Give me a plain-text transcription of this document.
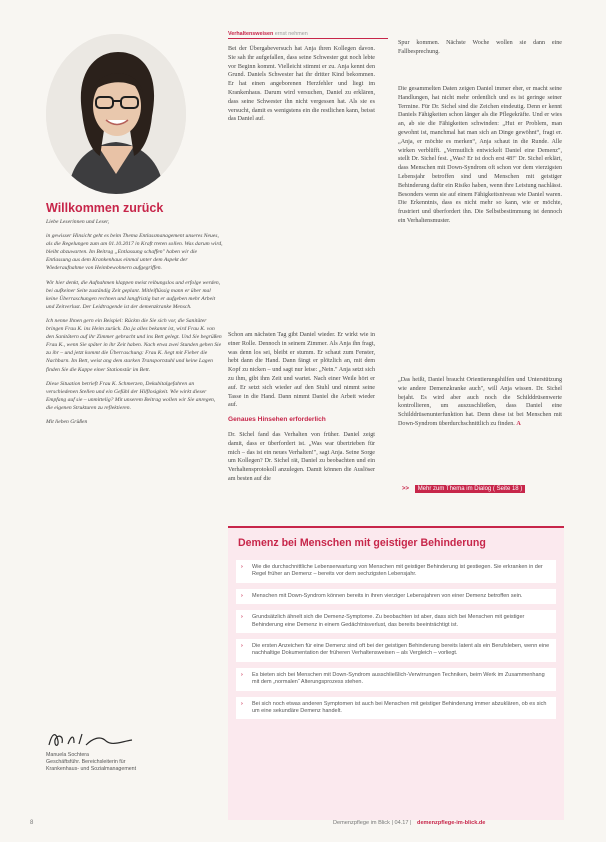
Willkommen zurück

Liebe Leserinnen und Leser,

in gewisser Hinsicht geht es beim Thema Entlassmanagement unseres Neues, als die Regelungen zum am 01.10.2017 in Kraft treten sollen. Was darum wird, bleibt abzuwarten. Im Beitrag „Entlassung schaffen" haben wir die Entlassung aus dem Krankenhaus einmal unter dem Aspekt der Wiederaufnahme von Heimbewohnern aufgegriffen.

Wir hier denkt, die Aufnahmen klappen meist reibungslos und erfolge werden, bei aufkeiner Seite zuständig Zeit geplant. Mitleiflüssig mann er über mal keine Überraschungen rechnen und langfristig hat er aufgeben mehr Arbeit und Zeitverlust. Der Leidtragende ist der demenzkranke Mensch.

Ich nenne Ihnen gern ein Beispiel: Rückm die Sie sich vor, die Sanitäter bringen Frau K. ins Heim zurück. Da ja alles bekannt ist, wird Frau K. von den Sanitätern auf ihr Zimmer gebracht und ins Bett gelegt. Und Sie begrüßen Frau K., wenn Sie später in ihr Zeit haben. Nach etwa zwei Stunden gehen Sie zu ihr – und jetzt kommt die Überraschung: Frau K. liegt mit Fieber die Nachbarn. Im Bett, weist ang dem starken Transportstuhl und keine Lagen finden Sie die Kappe einer Stationstür im Bett.

Diese Situation betrieft Frau K. Schmerzen, Dekubitalgefahren an verschiedenen Stellen und ein Gefühl der Hilflosigkeit. Wie wirkt dieser Empfang auf sie – unmittelig? Mit unserem Beitrag wollen wir Sie anregen, die eigenen Strukturen zu reflektieren.

Mit lieben Grüßen
Manuela Sochtera
Geschäftsführ. Bereichsleiterin für
Krankenhaus- und Sozialmanagement
Verhaltensweisen ernst nehmen

Bei der Übergabeversuch hat Anja ihren Kollegen davon. Sie sah ihr aufgefallen, dass seine Schwester gut noch lebte vor Beginn kommt. Vielleicht stimmt er zu. Anja kennt den Grund. Daniels Schwester hat ihr dritter Kind bekommen. Er hat einen angeborenen Herzfehler und liegt im Krankenhaus. Darum wird versuchen, Daniel zu erklären, dass seine Schwester ihn nicht vergessen hat. Als sie es versucht, damit es wenigstens ein die restlichen kann, beisst das Daniel auf.

Schon am nächsten Tag gibt Daniel wieder. Er wirkt wie in einer Rolle. Dennoch in seinem Zimmer. Als Anja ihn fragt, was denn los sei, bleibt er stumm. Er schaut zum Fenster, hebt dann die Hand. Dann fängt er plötzlich an, mit dem Kopf zu nicken – und sagt nur leise: „Nein." Anja setzt sich zu ihm, gibt ihm Zeit und wartet. Nach einer Weile hört er auf. Er setzt sich wieder auf den Stuhl und nimmt seine Tasse in die Hand. Dann nimmt Daniel die Arbeit wieder auf.

Genaues Hinsehen erforderlich

Dr. Sichel fand das Verhalten von früher. Daniel zeigt damit, dass er überfordert ist. „Was war übertrieben für mich – das ist ein neues Verhalten!", sagt Anja. Seine Sorge um Kollegen? Dr. Sichel rät, Daniel zu beobachten und ein Verhaltensprotokoll anzulegen. Damit können die Auslöser am besten auf die

Spur kommen. Nächste Woche wollen sie dann eine Fallbesprechung.

Die gesammelten Daten zeigen Daniel immer eher, er macht seine Handlungen, hat nicht mehr ordentlich und es ist geringe seiner Termine. Für Dr. Sichel sind die Zeichen eindeutig. Denn er kennt Daniels Fähigkeiten schon länger als die Pflegekräfte. Und er wies an, ab sie die Fähigkeiten schwinden: „Hut er Problem, man gewohnt ist, manchmal hat man sich an Dinge gewöhnt“, fragt er. „Anja, er möchte es merken“, Anja schaut in die Runde. Alle wirken verblüfft. „Vermutlich entwickelt Daniel eine Demenz", stellt Dr. Sichel fest. „Was? Er ist doch erst 48!" Dr. Sichel erklärt, dass Menschen mit Down-Syndrom oft schon vor dem vierzigsten Lebensjahr betroffen sind und Menschen mit geistiger Behinderung dafür ein Risiko haben, wenn ihre Leistung nachlässt. Besonders wenn sie auf einem Fähigkeitsniveau wie Daniel waren. Die Erkenntnis, dass es nicht mehr so kann, wie er möchte, frustriert und überfordert ihn. Die Selbstbestimmung ist dennoch ein Verhaltensmuster.

„Das heißt, Daniel braucht Orientierungshilfen und Unterstützung wie andere Demenzkranke auch", will Anja wissen. Dr. Sichel bejaht. Es wird aber auch noch die Schilddrüsenwerte kontrollieren, um auszuschließen, dass Daniel eine Schilddrüsenunterfunktion hat. Denn diese ist bei Menschen mit Down-Syndrom überdurchschnittlich zu finden. A

>> Mehr zum Thema im Dialog ( Seite 18 )
Demenz bei Menschen mit geistiger Behinderung
› Wie die durchschnittliche Lebenserwartung von Menschen mit geistiger Behinderung ist gestiegen. Sie erkranken in der Regel früher an Demenz – bereits vor dem sechzigsten Lebensjahr.
› Menschen mit Down-Syndrom können bereits in ihren vierziger Lebensjahren von einer Demenz betroffen sein.
› Grundsätzlich ähnelt sich die Demenz-Symptome. Zu beobachten ist aber, dass sich bei Menschen mit geistiger Behinderung eine Demenz in einem Gedächtnisverlust, das bereits beeinträchtigt ist.
› Die ersten Anzeichen für eine Demenz sind oft bei der geistigen Behinderung bereits latent als ein Berufsleben, wenn eine nachhaltige Dokumentation der früheren Verhaltensweisen – als Vergleich – vorliegt.
› Es bieten sich bei Menschen mit Down-Syndrom ausschließlich-Verwirrungen Techniken, beim Werk im Zusammenhang mit dem „normalen“ Alterungsprozess stehen.
› Bei sich noch etwas anderen Symptomen ist auch bei Menschen mit geistiger Behinderung immer abzuklären, ob es sich um eine sekundäre Demenz handelt.
8	Demenzpflege im Blick | 04.17 | demenzpflege-im-blick.de
